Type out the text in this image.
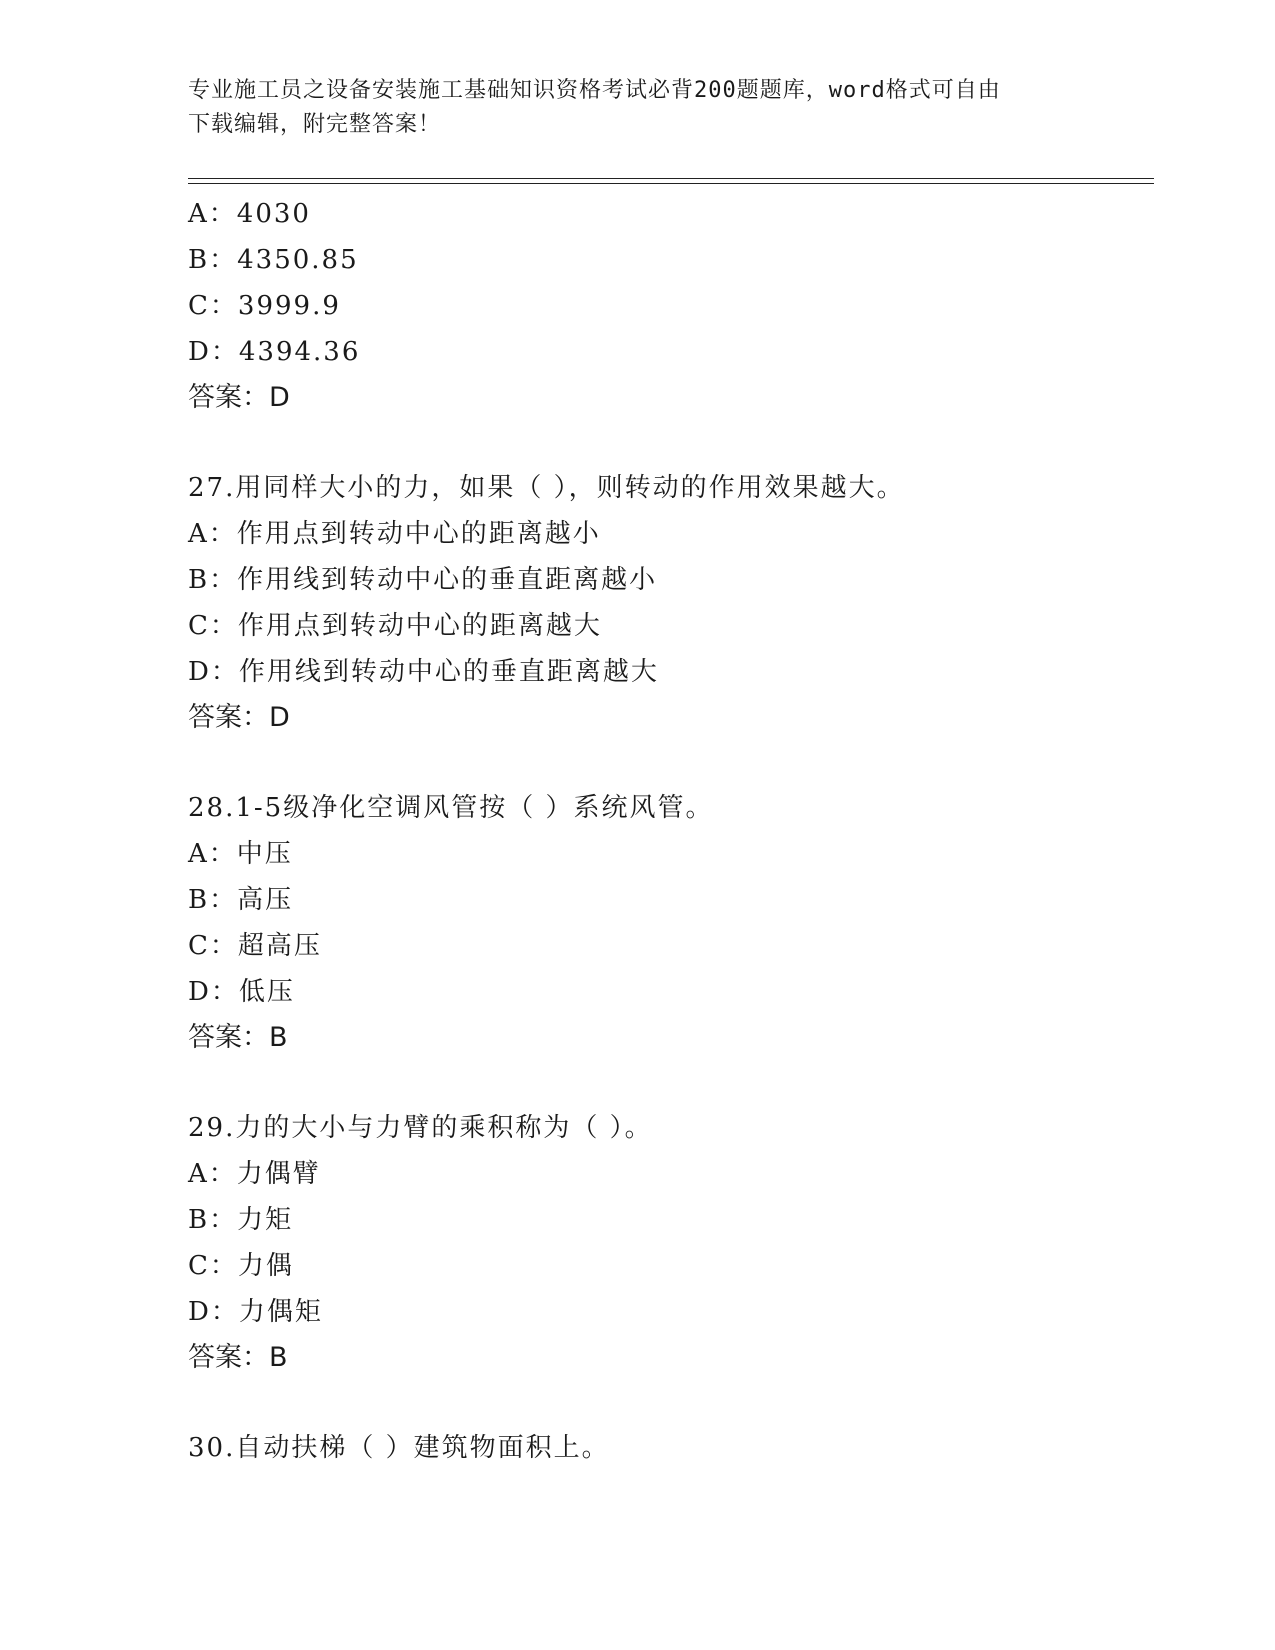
专业施工员之设备安装施工基础知识资格考试必背200题题库，word格式可自由
下载编辑，附完整答案！
A：4030
B：4350.85
C：3999.9
D：4394.36
答案：D
27.用同样大小的力，如果（ ），则转动的作用效果越大。
A：作用点到转动中心的距离越小
B：作用线到转动中心的垂直距离越小
C：作用点到转动中心的距离越大
D：作用线到转动中心的垂直距离越大
答案：D
28.1-5级净化空调风管按（ ）系统风管。
A：中压
B：高压
C：超高压
D：低压
答案：B
29.力的大小与力臂的乘积称为（ ）。
A：力偶臂
B：力矩
C：力偶
D：力偶矩
答案：B
30.自动扶梯（ ）建筑物面积上。
